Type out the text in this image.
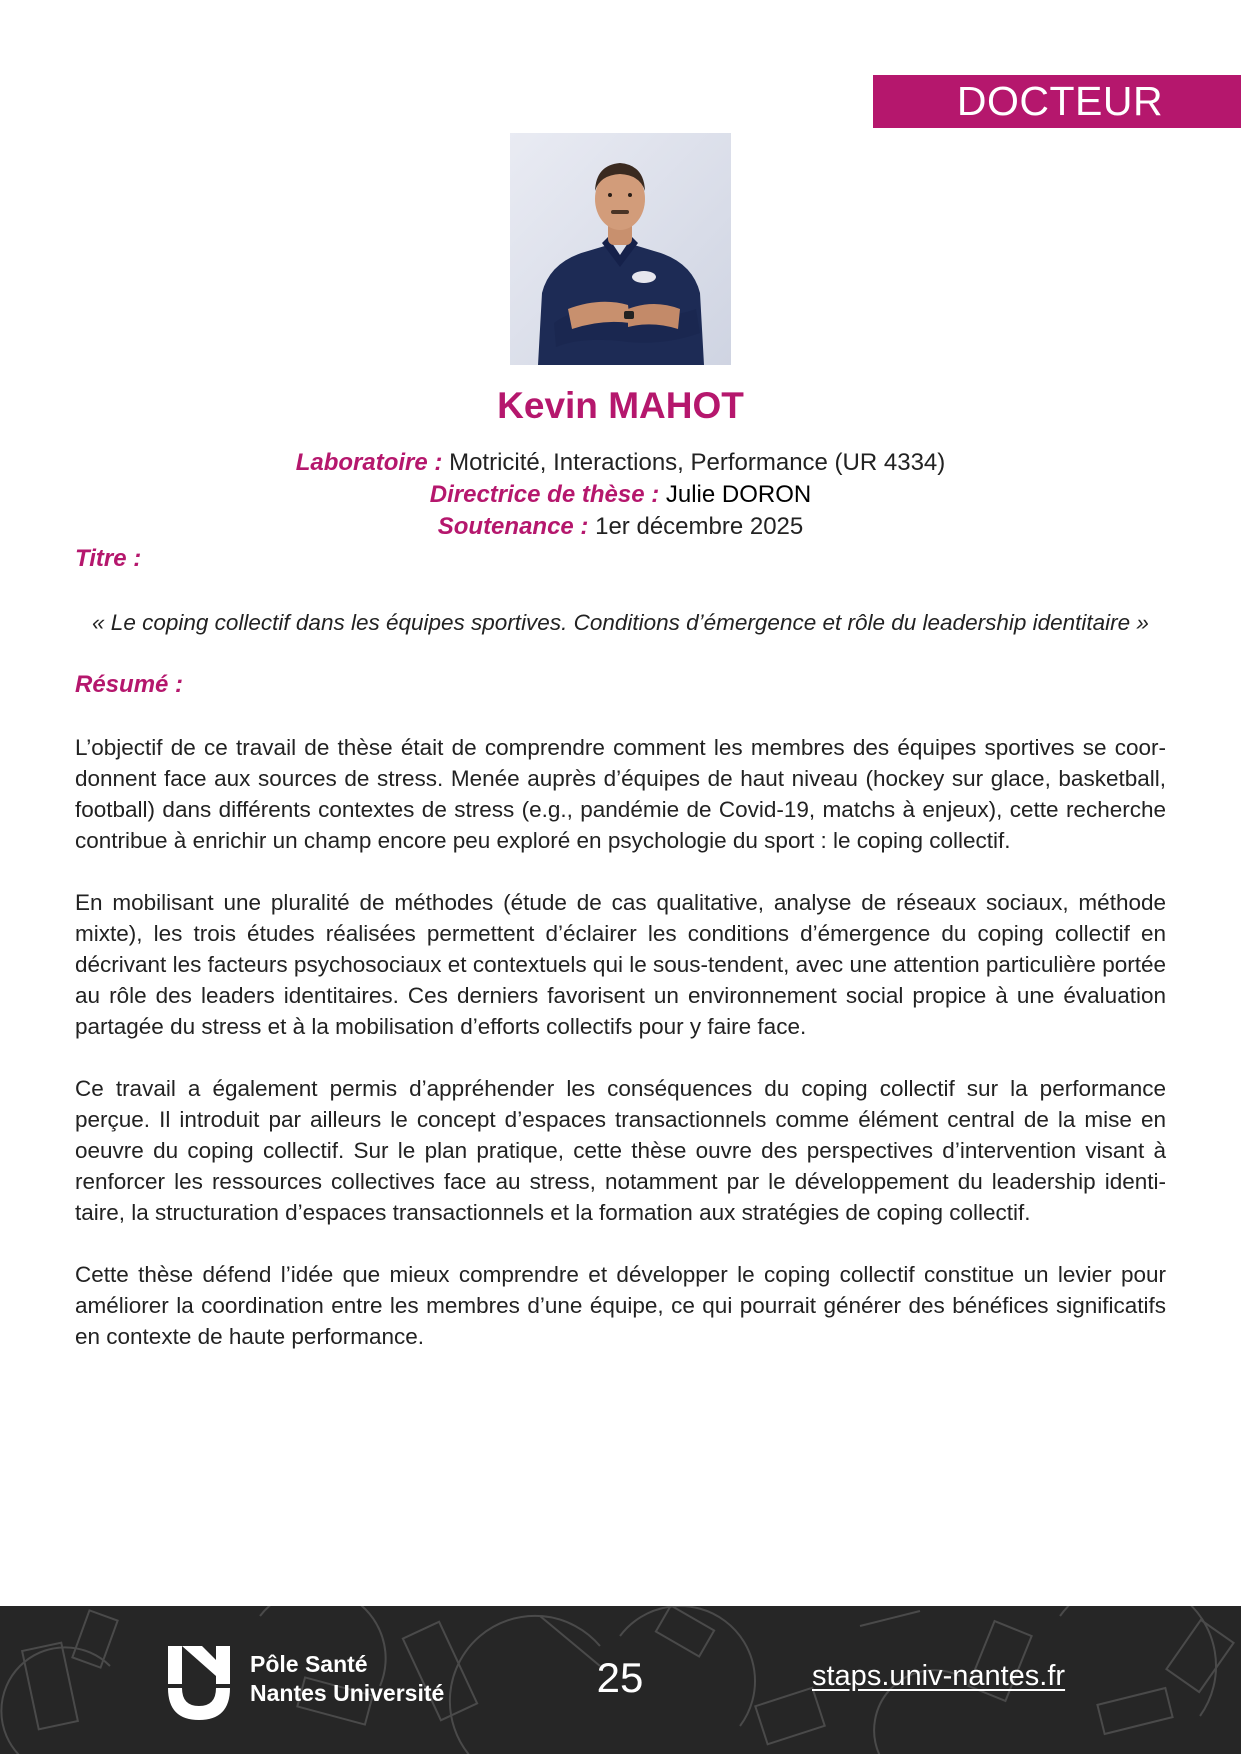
DOCTEUR
Kevin MAHOT
Laboratoire : Motricité, Interactions, Performance (UR 4334)
Directrice de thèse : Julie DORON
Soutenance : 1er décembre 2025
Titre :
« Le coping collectif dans les équipes sportives. Conditions d’émergence et rôle du leadership identitaire »
Résumé :

L’objectif de ce travail de thèse était de comprendre comment les membres des équipes sportives se coordonnent face aux sources de stress. Menée auprès d’équipes de haut niveau (hockey sur glace, basketball, football) dans différents contextes de stress (e.g., pandémie de Covid-19, matchs à enjeux), cette recherche contribue à enrichir un champ encore peu exploré en psychologie du sport : le coping collectif.

En mobilisant une pluralité de méthodes (étude de cas qualitative, analyse de réseaux sociaux, méthode mixte), les trois études réalisées permettent d’éclairer les conditions d’émergence du coping collectif en décrivant les facteurs psychosociaux et contextuels qui le sous-tendent, avec une attention particulière portée au rôle des leaders identitaires. Ces derniers favorisent un environnement social propice à une évaluation partagée du stress et à la mobilisation d’efforts collectifs pour y faire face.

Ce travail a également permis d’appréhender les conséquences du coping collectif sur la performance perçue. Il introduit par ailleurs le concept d’espaces transactionnels comme élément central de la mise en oeuvre du coping collectif. Sur le plan pratique, cette thèse ouvre des perspectives d’intervention visant à renforcer les ressources collectives face au stress, notamment par le développement du leadership identitaire, la structuration d’espaces transactionnels et la formation aux stratégies de coping collectif.

Cette thèse défend l’idée que mieux comprendre et développer le coping collectif constitue un levier pour améliorer la coordination entre les membres d’une équipe, ce qui pourrait générer des bénéfices significatifs en contexte de haute performance.

Pôle Santé
Nantes Université	25	staps.univ-nantes.fr
